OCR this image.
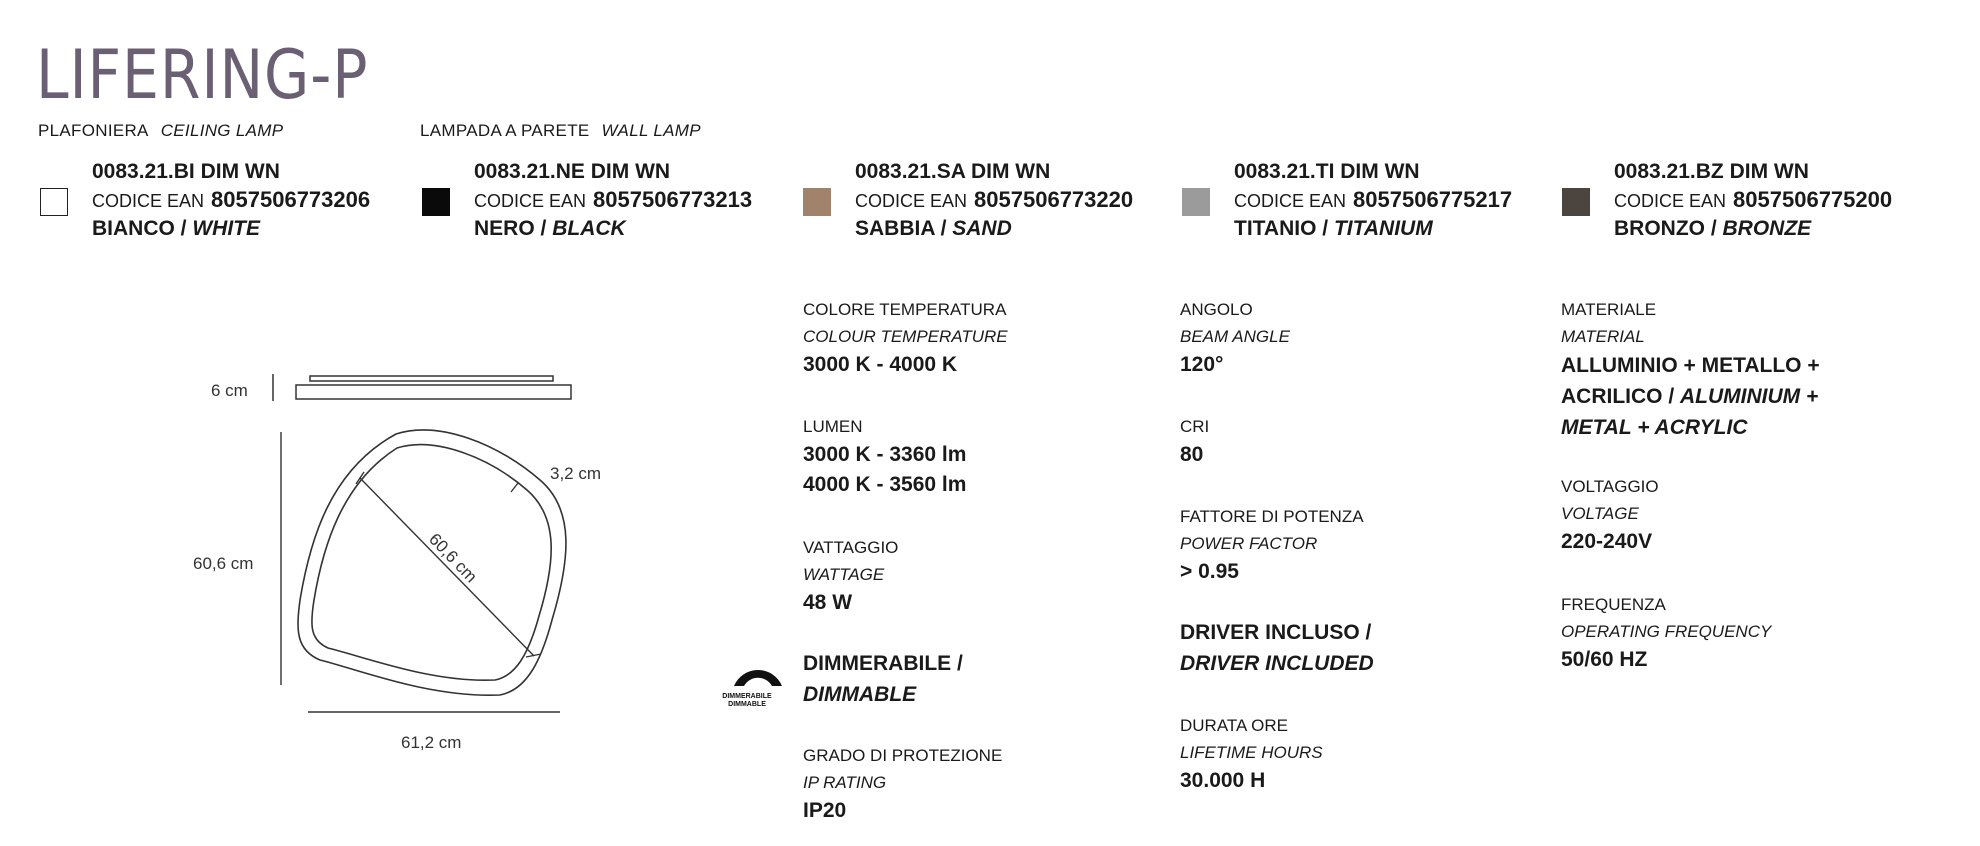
LIFERING-P
PLAFONIERA CEILING LAMP	LAMPADA A PARETE WALL LAMP
0083.21.BI DIM WN
CODICE EAN 8057506773206
BIANCO / WHITE
0083.21.NE DIM WN
CODICE EAN 8057506773213
NERO / BLACK
0083.21.SA DIM WN
CODICE EAN 8057506773220
SABBIA / SAND
0083.21.TI DIM WN
CODICE EAN 8057506775217
TITANIO / TITANIUM
0083.21.BZ DIM WN
CODICE EAN 8057506775200
BRONZO / BRONZE
6 cm
60,6 cm
3,2 cm
60,6 cm
61,2 cm
DIMMERABILE
DIMMABLE
COLORE TEMPERATURA
COLOUR TEMPERATURE
3000 K - 4000 K
LUMEN
3000 K - 3360 lm
4000 K - 3560 lm
VATTAGGIO
WATTAGE
48 W
DIMMERABILE /
DIMMABLE
GRADO DI PROTEZIONE
IP RATING
IP20
ANGOLO
BEAM ANGLE
120°
CRI
80
FATTORE DI POTENZA
POWER FACTOR
> 0.95
DRIVER INCLUSO /
DRIVER INCLUDED
DURATA ORE
LIFETIME HOURS
30.000 H
MATERIALE
MATERIAL
ALLUMINIO + METALLO +
ACRILICO / ALUMINIUM +
METAL + ACRYLIC
VOLTAGGIO
VOLTAGE
220-240V
FREQUENZA
OPERATING FREQUENCY
50/60 HZ
